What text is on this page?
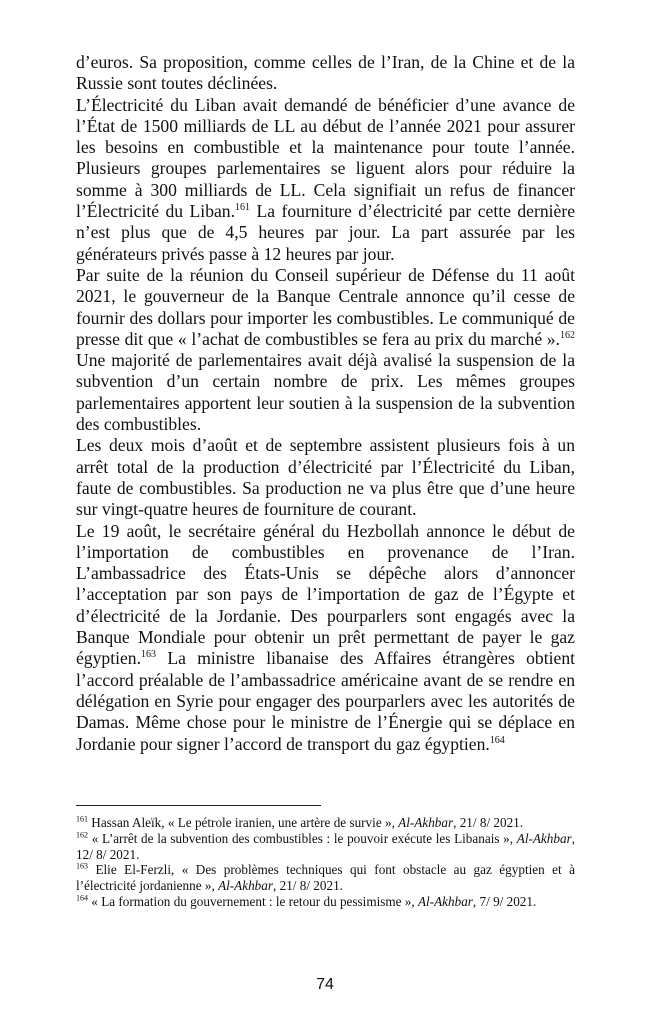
d’euros. Sa proposition, comme celles de l’Iran, de la Chine et de la Russie sont toutes déclinées.

L’Électricité du Liban avait demandé de bénéficier d’une avance de l’État de 1500 milliards de LL au début de l’année 2021 pour assurer les besoins en combustible et la maintenance pour toute l’année. Plusieurs groupes parlementaires se liguent alors pour réduire la somme à 300 milliards de LL. Cela signifiait un refus de financer l’Électricité du Liban.$^{161}$ La fourniture d’électricité par cette dernière n’est plus que de 4,5 heures par jour. La part assurée par les générateurs privés passe à 12 heures par jour.

Par suite de la réunion du Conseil supérieur de Défense du 11 août 2021, le gouverneur de la Banque Centrale annonce qu’il cesse de fournir des dollars pour importer les combustibles. Le communiqué de presse dit que « l’achat de combustibles se fera au prix du marché ».$^{162}$ Une majorité de parlementaires avait déjà avalisé la suspension de la subvention d’un certain nombre de prix. Les mêmes groupes parlementaires apportent leur soutien à la suspension de la subvention des combustibles.

Les deux mois d’août et de septembre assistent plusieurs fois à un arrêt total de la production d’électricité par l’Électricité du Liban, faute de combustibles. Sa production ne va plus être que d’une heure sur vingt-quatre heures de fourniture de courant.

Le 19 août, le secrétaire général du Hezbollah annonce le début de l’importation de combustibles en provenance de l’Iran. L’ambassadrice des États-Unis se dépêche alors d’annoncer l’acceptation par son pays de l’importation de gaz de l’Égypte et d’électricité de la Jordanie. Des pourparlers sont engagés avec la Banque Mondiale pour obtenir un prêt permettant de payer le gaz égyptien.$^{163}$ La ministre libanaise des Affaires étrangères obtient l’accord préalable de l’ambassadrice américaine avant de se rendre en délégation en Syrie pour engager des pourparlers avec les autorités de Damas. Même chose pour le ministre de l’Énergie qui se déplace en Jordanie pour signer l’accord de transport du gaz égyptien.$^{164}$

$^{161}$ Hassan Aleïk, « Le pétrole iranien, une artère de survie », Al-Akhbar, 21/ 8/ 2021.

$^{162}$ « L’arrêt de la subvention des combustibles : le pouvoir exécute les Libanais », Al-Akhbar, 12/ 8/ 2021.

$^{163}$ Elie El-Ferzli, « Des problèmes techniques qui font obstacle au gaz égyptien et à l’électricité jordanienne », Al-Akhbar, 21/ 8/ 2021.

$^{164}$ « La formation du gouvernement : le retour du pessimisme », Al-Akhbar, 7/ 9/ 2021.

74
